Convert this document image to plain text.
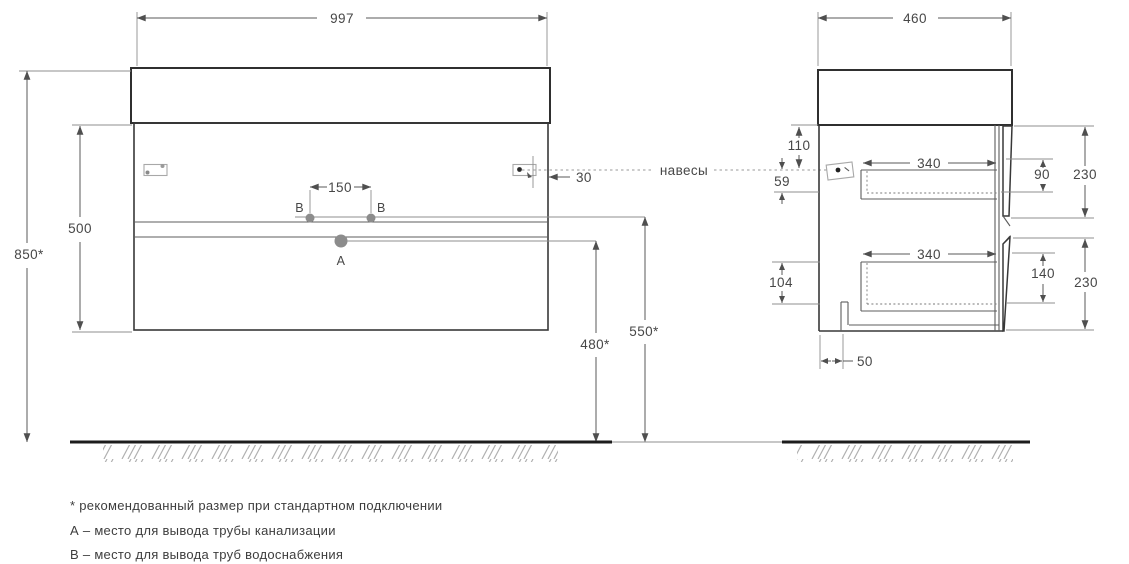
997
850*
500
150
В	В
А
30
550*
480*
навесы
460
110
59
104
50
340
340
90 230
140
230
* рекомендованный размер при стандартном подключении
А – место для вывода трубы канализации
В – место для вывода труб водоснабжения
